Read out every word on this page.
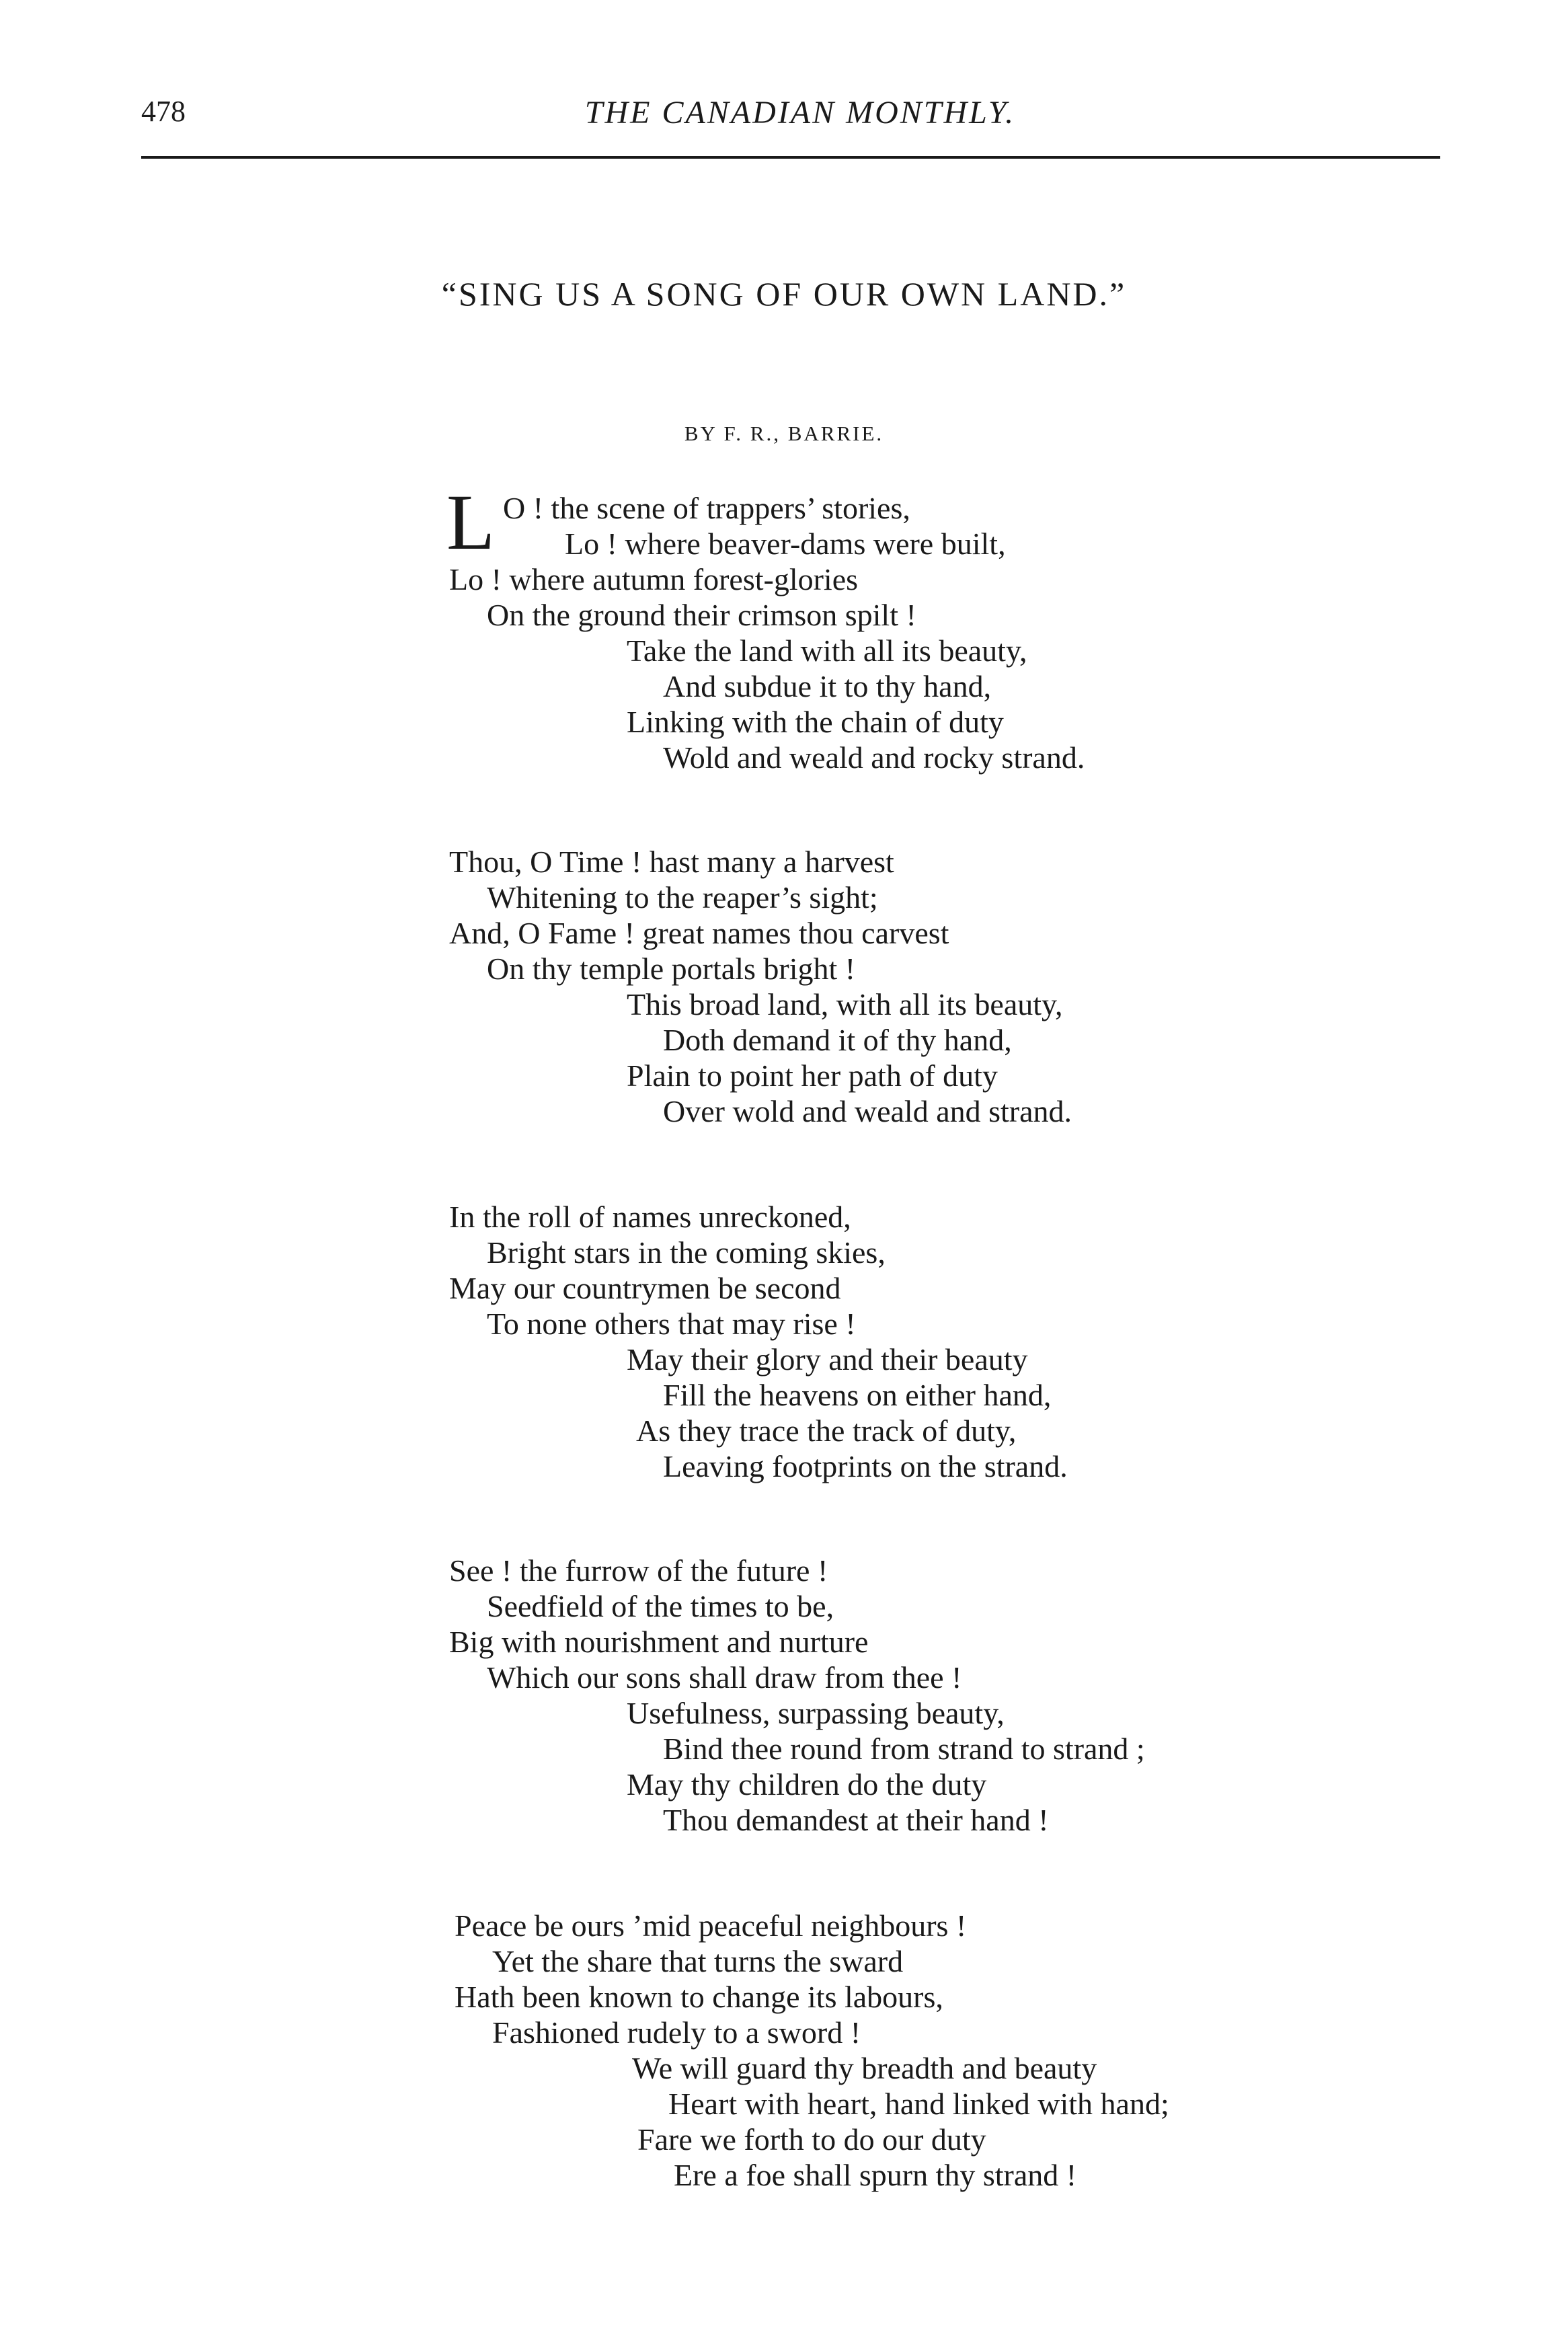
478	THE CANADIAN MONTHLY.
“SING US A SONG OF OUR OWN LAND.”
BY F. R., BARRIE.
L O ! the scene of trappers’ stories,
Lo ! where beaver-dams were built,
Lo ! where autumn forest-glories
On the ground their crimson spilt !
Take the land with all its beauty,
And subdue it to thy hand,
Linking with the chain of duty
Wold and weald and rocky strand.
Thou, O Time ! hast many a harvest
Whitening to the reaper’s sight;
And, O Fame ! great names thou carvest
On thy temple portals bright !
This broad land, with all its beauty,
Doth demand it of thy hand,
Plain to point her path of duty
Over wold and weald and strand.
In the roll of names unreckoned,
Bright stars in the coming skies,
May our countrymen be second
To none others that may rise !
May their glory and their beauty
Fill the heavens on either hand,
As they trace the track of duty,
Leaving footprints on the strand.
See ! the furrow of the future !
Seedfield of the times to be,
Big with nourishment and nurture
Which our sons shall draw from thee !
Usefulness, surpassing beauty,
Bind thee round from strand to strand ;
May thy children do the duty
Thou demandest at their hand !
Peace be ours ’mid peaceful neighbours !
Yet the share that turns the sward
Hath been known to change its labours,
Fashioned rudely to a sword !
We will guard thy breadth and beauty
Heart with heart, hand linked with hand;
Fare we forth to do our duty
Ere a foe shall spurn thy strand !
